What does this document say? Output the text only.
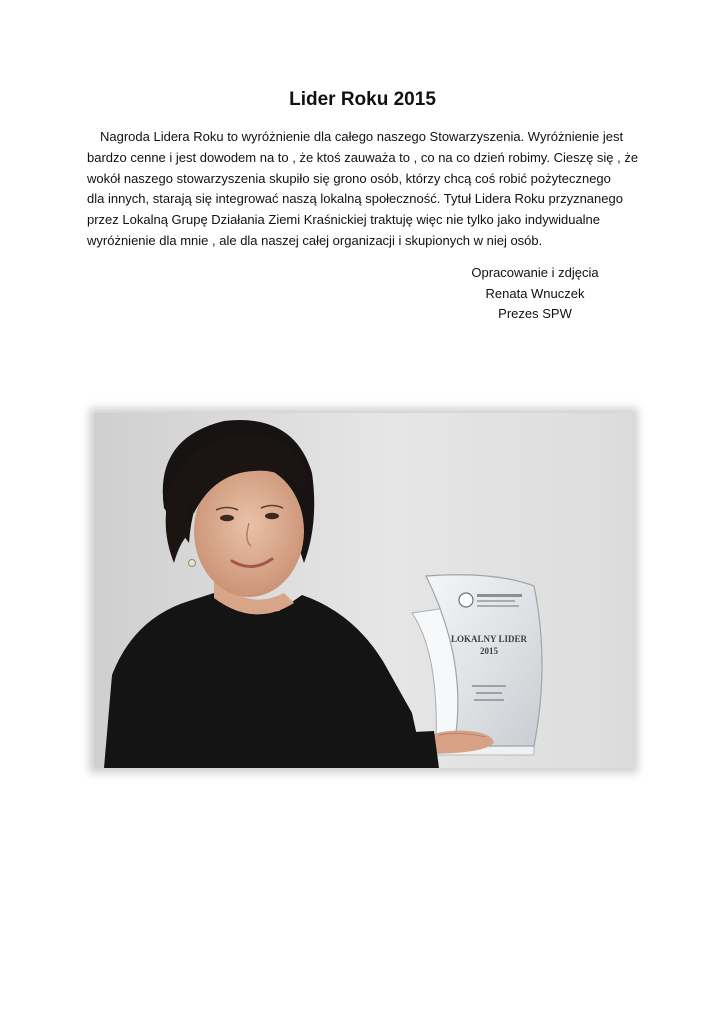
Lider Roku 2015
Nagroda Lidera Roku to wyróżnienie dla całego naszego Stowarzyszenia. Wyróżnienie jest
bardzo cenne i jest dowodem na to , że ktoś zauważa to , co na co dzień robimy. Cieszę się , że
wokół naszego stowarzyszenia skupiło się grono osób, którzy chcą coś robić pożytecznego
dla innych, starają się integrować naszą lokalną społeczność. Tytuł Lidera Roku przyznanego
przez Lokalną Grupę Działania Ziemi Kraśnickiej traktuję więc nie tylko jako indywidualne
wyróżnienie dla mnie , ale dla naszej całej organizacji i skupionych w niej osób.
Opracowanie i zdjęcia
Renata Wnuczek
Prezes SPW
LOKALNY LIDER
2015
